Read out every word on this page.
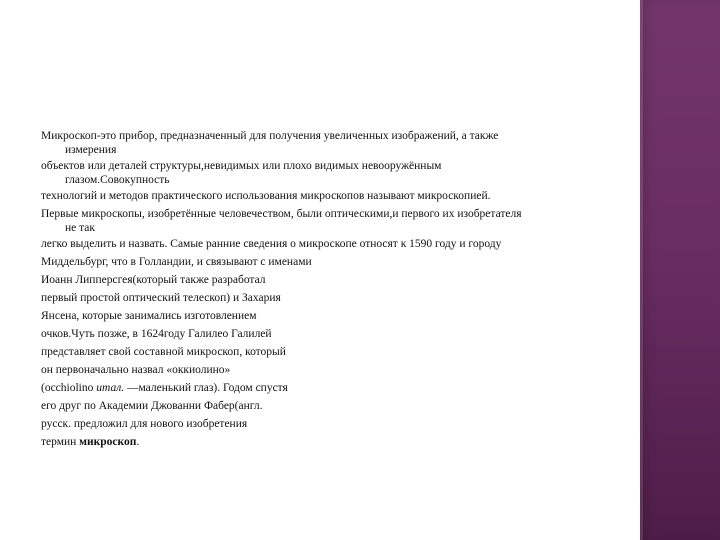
Микроскоп-это прибор, предназначенный для получения увеличенных изображений, а также
измерения

объектов или деталей структуры,невидимых или плохо видимых невооружённым
глазом.Совокупность

технологий и методов практического использования микроскопов называют микроскопией.

Первые микроскопы, изобретённые человечеством, были оптическими,и первого их изобретателя
не так

легко выделить и назвать. Самые ранние сведения о микроскопе относят к 1590 году и городу

Миддельбург, что в Голландии, и связывают с именами

Иоанн Липперсгея(который также разработал

первый простой оптический телескоп) и Захария

Янсена, которые занимались изготовлением

очков.Чуть позже, в 1624году Галилео Галилей

представляет свой составной микроскоп, который

он первоначально назвал «оккиолино»

(occhiolino итал. —маленький глаз). Годом спустя

его друг по Академии Джованни Фабер(англ.

русск. предложил для нового изобретения

термин микроскоп.
